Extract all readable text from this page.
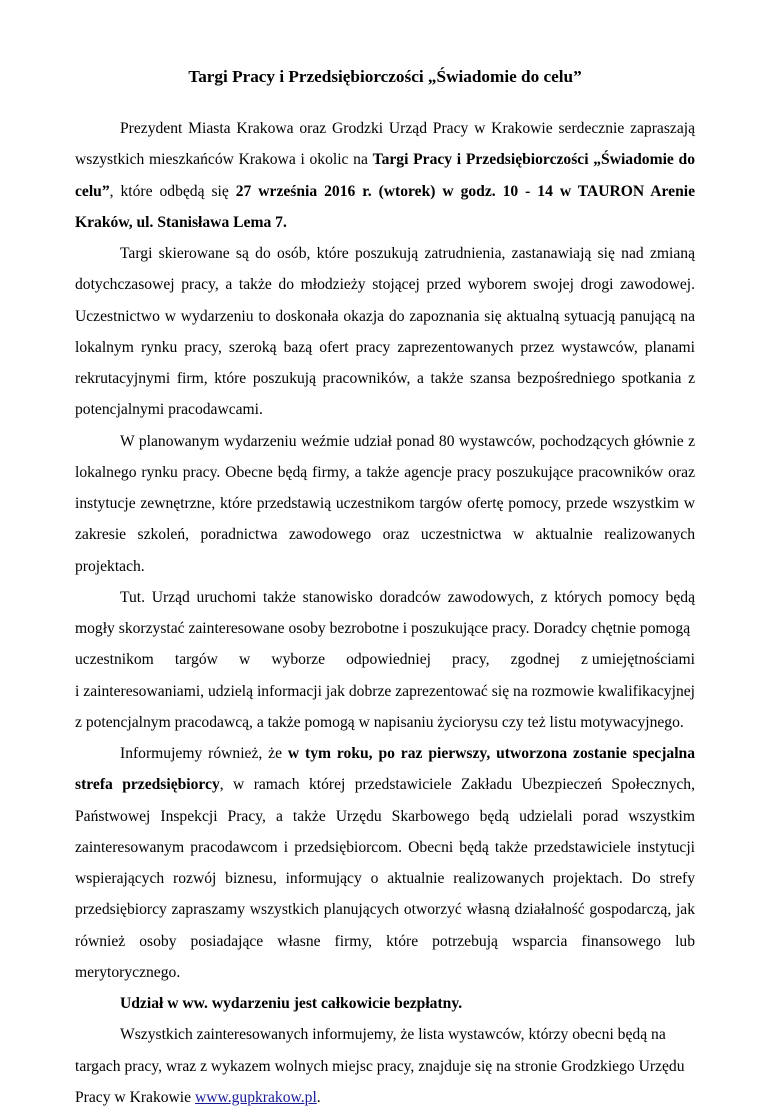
Targi Pracy i Przedsiębiorczości „Świadomie do celu”

Prezydent Miasta Krakowa oraz Grodzki Urząd Pracy w Krakowie serdecznie zapraszają wszystkich mieszkańców Krakowa i okolic na Targi Pracy i Przedsiębiorczości „Świadomie do celu”, które odbędą się 27 września 2016 r. (wtorek) w godz. 10 - 14 w TAURON Arenie Kraków, ul. Stanisława Lema 7.

Targi skierowane są do osób, które poszukują zatrudnienia, zastanawiają się nad zmianą dotychczasowej pracy, a także do młodzieży stojącej przed wyborem swojej drogi zawodowej. Uczestnictwo w wydarzeniu to doskonała okazja do zapoznania się aktualną sytuacją panującą na lokalnym rynku pracy, szeroką bazą ofert pracy zaprezentowanych przez wystawców, planami rekrutacyjnymi firm, które poszukują pracowników, a także szansa bezpośredniego spotkania z potencjalnymi pracodawcami.

W planowanym wydarzeniu weźmie udział ponad 80 wystawców, pochodzących głównie z lokalnego rynku pracy. Obecne będą firmy, a także agencje pracy poszukujące pracowników oraz instytucje zewnętrzne, które przedstawią uczestnikom targów ofertę pomocy, przede wszystkim w zakresie szkoleń, poradnictwa zawodowego oraz uczestnictwa w aktualnie realizowanych projektach.

Tut. Urząd uruchomi także stanowisko doradców zawodowych, z których pomocy będą mogły skorzystać zainteresowane osoby bezrobotne i poszukujące pracy. Doradcy chętnie pomogą

uczestnikom targów w wyborze odpowiedniej pracy, zgodnej z umiejętnościami

i zainteresowaniami, udzielą informacji jak dobrze zaprezentować się na rozmowie kwalifikacyjnej z potencjalnym pracodawcą, a także pomogą w napisaniu życiorysu czy też listu motywacyjnego.

Informujemy również, że w tym roku, po raz pierwszy, utworzona zostanie specjalna strefa przedsiębiorcy, w ramach której przedstawiciele Zakładu Ubezpieczeń Społecznych, Państwowej Inspekcji Pracy, a także Urzędu Skarbowego będą udzielali porad wszystkim zainteresowanym pracodawcom i przedsiębiorcom. Obecni będą także przedstawiciele instytucji wspierających rozwój biznesu, informujący o aktualnie realizowanych projektach. Do strefy przedsiębiorcy zapraszamy wszystkich planujących otworzyć własną działalność gospodarczą, jak również osoby posiadające własne firmy, które potrzebują wsparcia finansowego lub merytorycznego.

Udział w ww. wydarzeniu jest całkowicie bezpłatny.

Wszystkich zainteresowanych informujemy, że lista wystawców, którzy obecni będą na targach pracy, wraz z wykazem wolnych miejsc pracy, znajduje się na stronie Grodzkiego Urzędu Pracy w Krakowie www.gupkrakow.pl.
